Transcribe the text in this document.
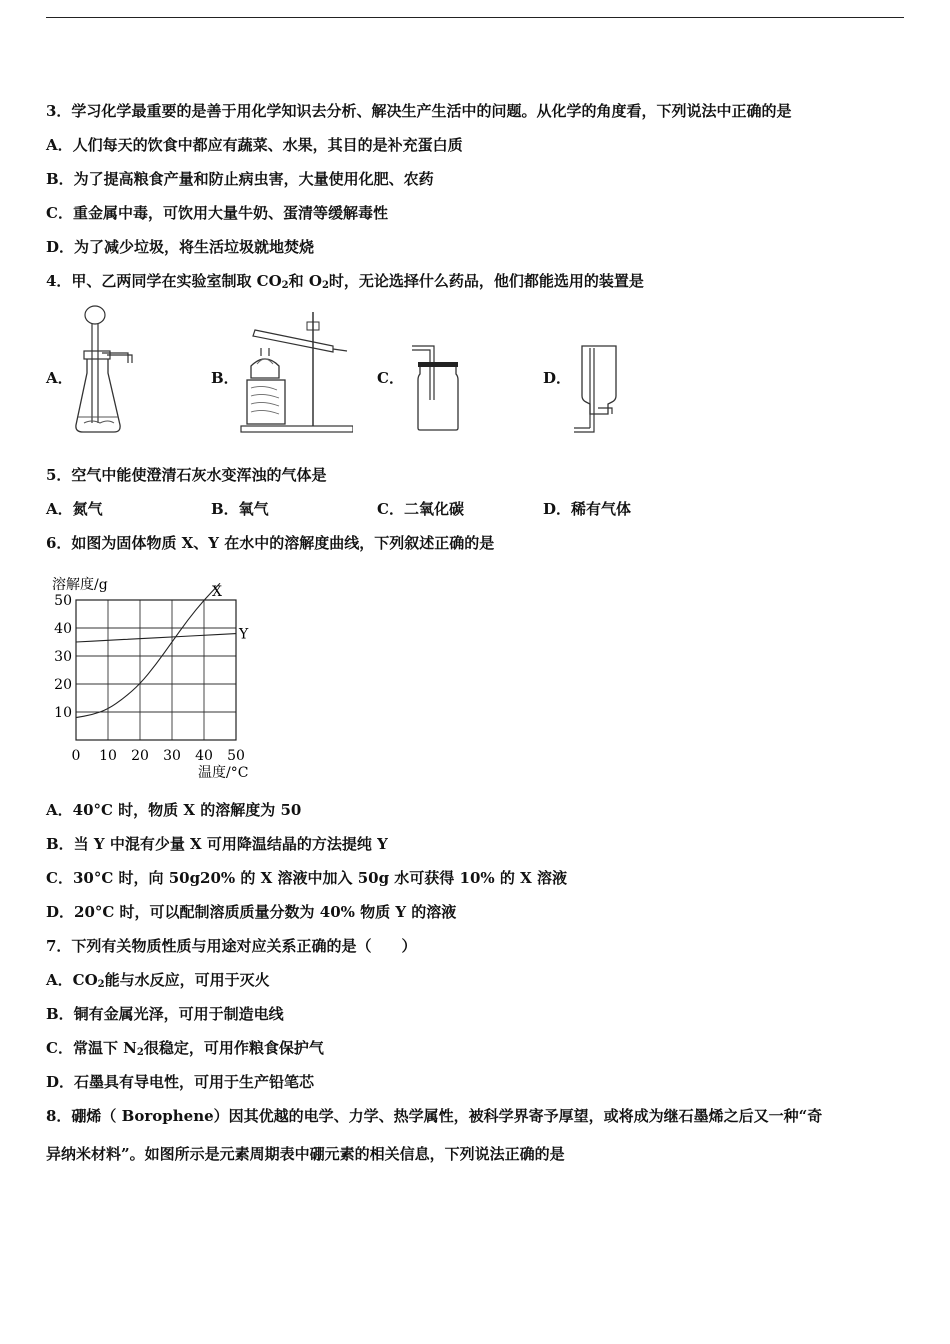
3．学习化学最重要的是善于用化学知识去分析、解决生产生活中的问题。从化学的角度看，下列说法中正确的是
A．人们每天的饮食中都应有蔬菜、水果，其目的是补充蛋白质
B．为了提高粮食产量和防止病虫害，大量使用化肥、农药
C．重金属中毒，可饮用大量牛奶、蛋清等缓解毒性
D．为了减少垃圾，将生活垃圾就地焚烧
4．甲、乙两同学在实验室制取 $CO_2$和 $O_2$时，无论选择什么药品，他们都能选用的装置是
A．	B．	C．	D．
5．空气中能使澄清石灰水变浑浊的气体是
A．氮气	B．氧气	C．二氧化碳	D．稀有气体
6．如图为固体物质 X、Y 在水中的溶解度曲线，下列叙述正确的是
0 10 20 30 40 50
10
20
30
40
50
溶解度/g
温度/°C
X
Y
A．40°C 时，物质 X 的溶解度为 50
B．当 Y 中混有少量 X 可用降温结晶的方法提纯 Y
C．30°C 时，向 50g20% 的 X 溶液中加入 50g 水可获得 10% 的 X 溶液
D．20°C 时，可以配制溶质质量分数为 40% 物质 Y 的溶液
7．下列有关物质性质与用途对应关系正确的是（　　）
A．$CO_2$能与水反应，可用于灭火
B．铜有金属光泽，可用于制造电线
C．常温下 $N_2$很稳定，可用作粮食保护气
D．石墨具有导电性，可用于生产铅笔芯
8．硼烯（ Borophene）因其优越的电学、力学、热学属性，被科学界寄予厚望，或将成为继石墨烯之后又一种“奇
异纳米材料”。如图所示是元素周期表中硼元素的相关信息，下列说法正确的是
